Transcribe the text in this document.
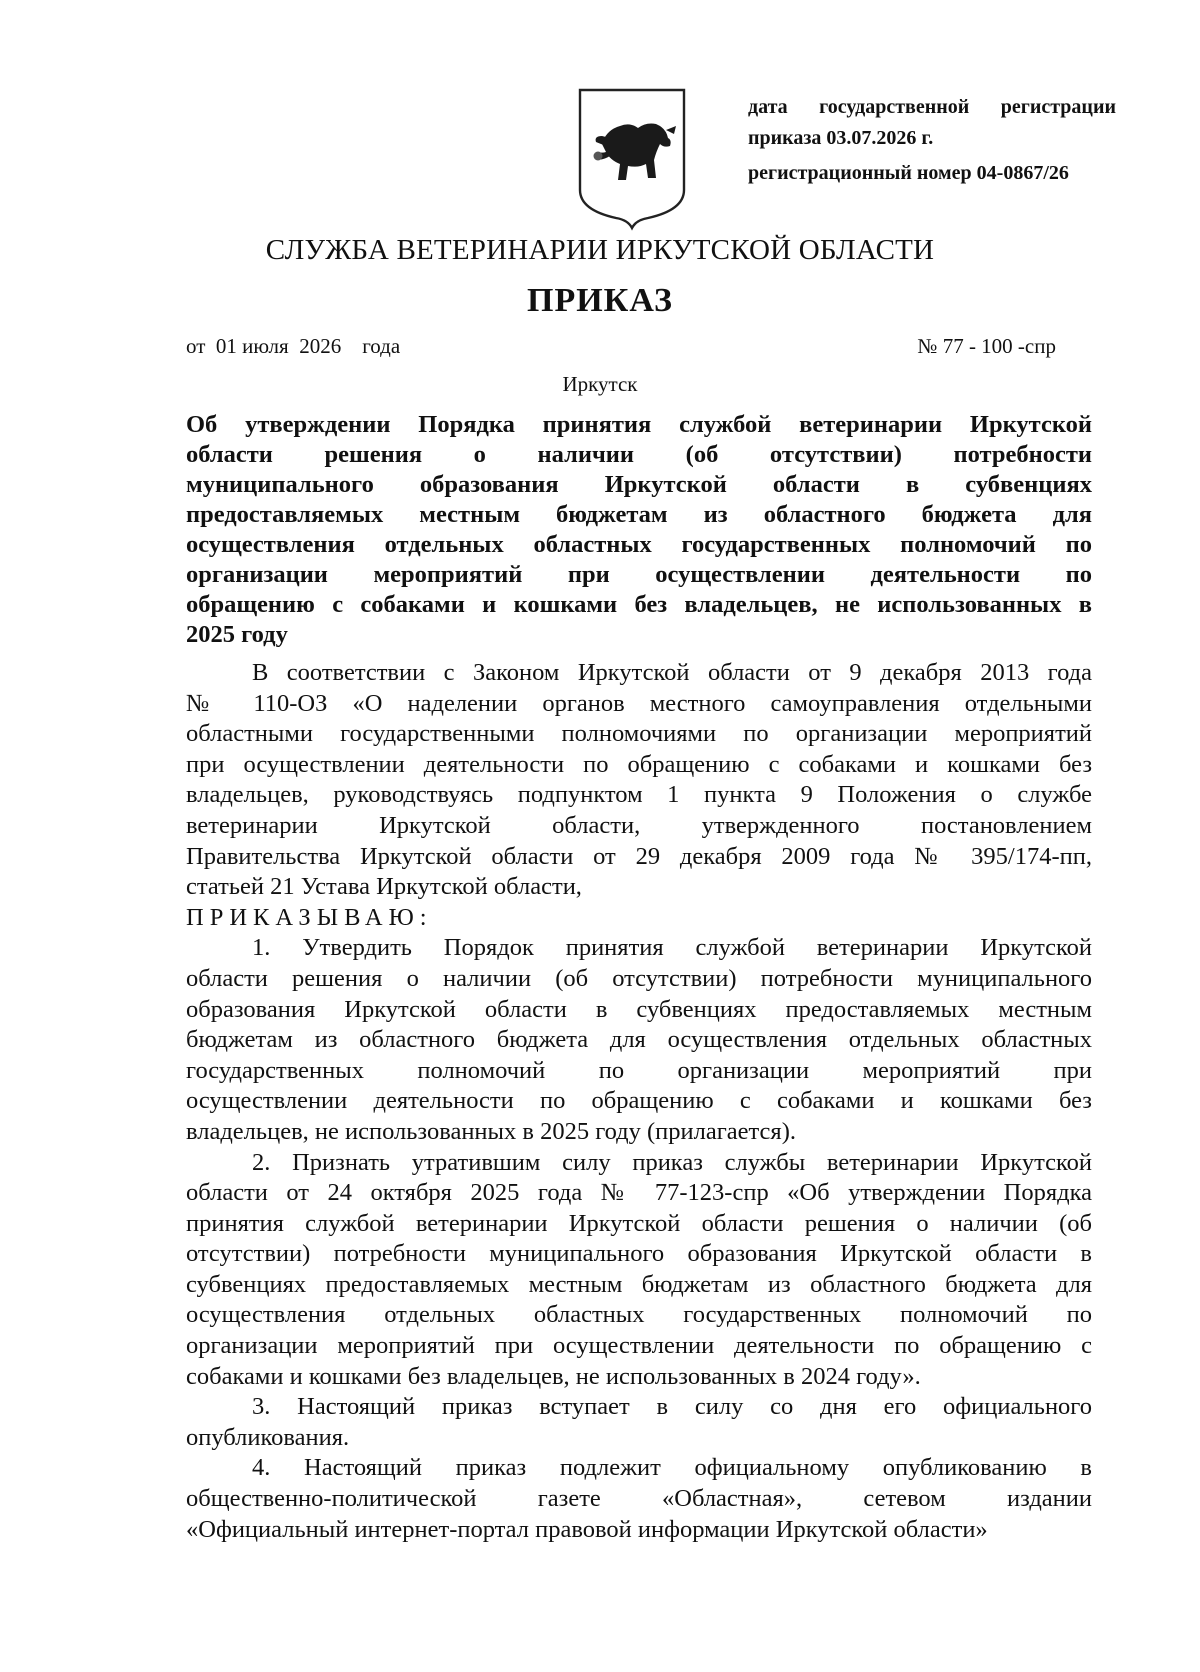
дата государственной регистрации
приказа 03.07.2026 г.
регистрационный номер 04-0867/26
СЛУЖБА ВЕТЕРИНАРИИ ИРКУТСКОЙ ОБЛАСТИ
ПРИКАЗ
от  01 июля  2026    года	№ 77 - 100 -спр
Иркутск
Об утверждении Порядка принятия службой ветеринарии Иркутской
области решения о наличии (об отсутствии) потребности
муниципального образования Иркутской области в субвенциях
предоставляемых местным бюджетам из областного бюджета для
осуществления отдельных областных государственных полномочий по
организации мероприятий при осуществлении деятельности по
обращению с собаками и кошками без владельцев, не использованных в
2025 году
В соответствии с Законом Иркутской области от 9 декабря 2013 года
№ 110-ОЗ «О наделении органов местного самоуправления отдельными
областными государственными полномочиями по организации мероприятий
при осуществлении деятельности по обращению с собаками и кошками без
владельцев, руководствуясь подпунктом 1 пункта 9 Положения о службе
ветеринарии Иркутской области, утвержденного постановлением
Правительства Иркутской области от 29 декабря 2009 года № 395/174-пп,
статьей 21 Устава Иркутской области,
ПРИКАЗЫВАЮ:
1. Утвердить Порядок принятия службой ветеринарии Иркутской
области решения о наличии (об отсутствии) потребности муниципального
образования Иркутской области в субвенциях предоставляемых местным
бюджетам из областного бюджета для осуществления отдельных областных
государственных полномочий по организации мероприятий при
осуществлении деятельности по обращению с собаками и кошками без
владельцев, не использованных в 2025 году (прилагается).
2. Признать утратившим силу приказ службы ветеринарии Иркутской
области от 24 октября 2025 года № 77-123-спр «Об утверждении Порядка
принятия службой ветеринарии Иркутской области решения о наличии (об
отсутствии) потребности муниципального образования Иркутской области в
субвенциях предоставляемых местным бюджетам из областного бюджета для
осуществления отдельных областных государственных полномочий по
организации мероприятий при осуществлении деятельности по обращению с
собаками и кошками без владельцев, не использованных в 2024 году».
3. Настоящий приказ вступает в силу со дня его официального
опубликования.
4. Настоящий приказ подлежит официальному опубликованию в
общественно-политической газете «Областная», сетевом издании
«Официальный интернет-портал правовой информации Иркутской области»
